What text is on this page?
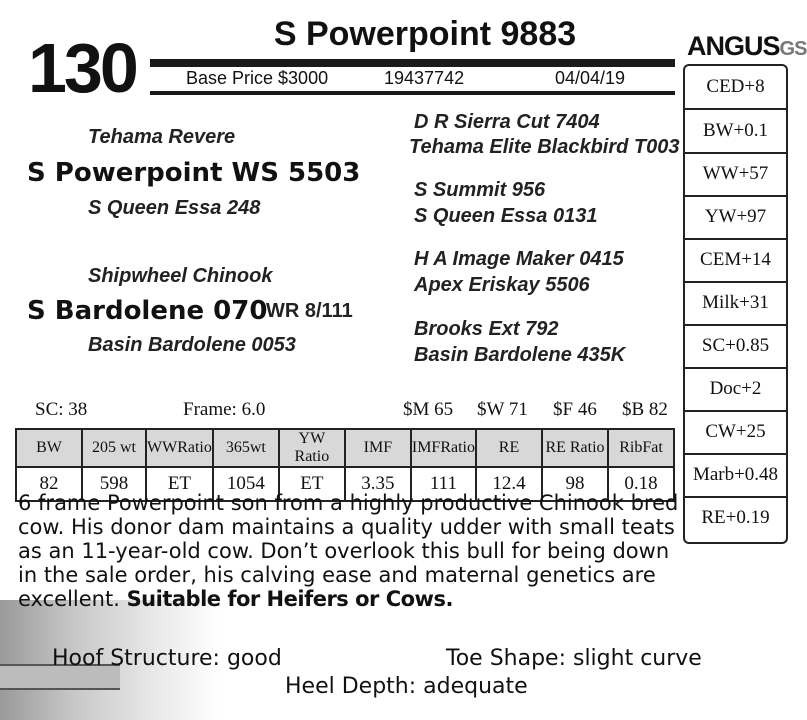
130	S Powerpoint 9883
Base Price $3000	19437742	04/04/19
ANGUSGS
CED+8
BW+0.1
WW+57
YW+97
CEM+14
Milk+31
SC+0.85
Doc+2
CW+25
Marb+0.48
RE+0.19
Tehama Revere
S Powerpoint WS 5503
S Queen Essa 248
Shipwheel Chinook
S Bardolene 070
WR 8/111
Basin Bardolene 0053
D R Sierra Cut 7404
Tehama Elite Blackbird T003
S Summit 956
S Queen Essa 0131
H A Image Maker 0415
Apex Eriskay 5506
Brooks Ext 792
Basin Bardolene 435K
SC: 38	Frame: 6.0	$M 65 $W 71 $F 46 $B 82
BW	205 wt	WWRatio	365wt	YW Ratio	IMF	IMFRatio	RE	RE Ratio	RibFat
82	598	ET	1054	ET	3.35	111	12.4	98	0.18
6 frame Powerpoint son from a highly productive Chinook bred cow. His donor dam maintains a quality udder with small teats as an 11-year-old cow. Don’t overlook this bull for being down in the sale order, his calving ease and maternal genetics are excellent. Suitable for Heifers or Cows.
Hoof Structure: good	Toe Shape: slight curve
Heel Depth: adequate
